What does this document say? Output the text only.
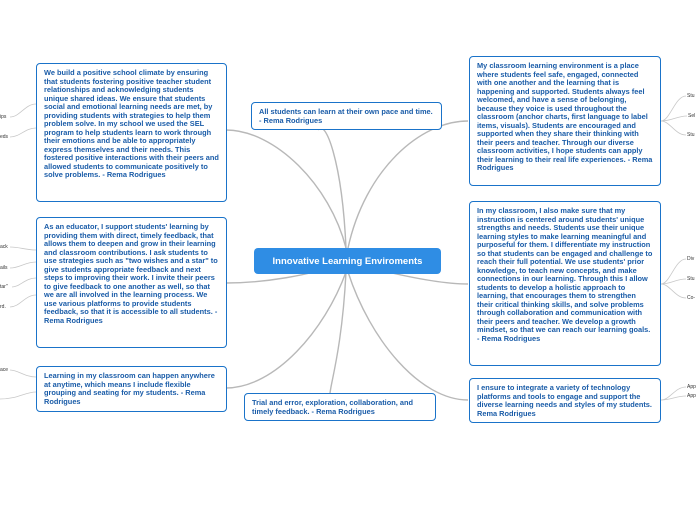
Innovative Learning Enviroments
We build a positive school climate by ensuring that students fostering positive teacher student relationships and acknowledging students unique shared ideas. We ensure that students social and emotional learning needs are met, by providing students with strategies to help them problem solve. In my school we used the SEL program to help students learn to work through their emotions and be able to appropriately express themselves and their needs. This fostered positive interactions with their peers and allowed students to communicate positively to solve problems. - Rema Rodrigues
All students can learn at their own pace and time. - Rema Rodrigues
My classroom learning environment is a place where students feel safe, engaged, connected with one another and the learning that is happening and supported. Students always feel welcomed, and have a sense of belonging, because they voice is used throughout the classroom (anchor charts, first language to label items, visuals). Students are encouraged and supported when they share their thinking with their peers and teacher. Through our diverse classroom activities, I hope students can apply their learning to their real life experiences. - Rema Rodrigues
As an educator, I support students' learning by providing them with direct, timely feedback, that allows them to deepen and grow in their learning and classroom contributions. I ask students to use strategies such as "two wishes and a star" to give students appropriate feedback and next steps to improving their work. I invite their peers to give feedback to one another as well, so that we are all involved in the learning process. We use various platforms to provide students feedback, so that it is accessible to all students. - Rema Rodrigues
In my classroom, I also make sure that my instruction is centered around students' unique strengths and needs. Students use their unique learning styles to make learning meaningful and purposeful for them. I differentiate my instruction so that students can be engaged and challenge to reach their full potential. We use students' prior knowledge, to teach new concepts, and make connections in our learning. Through this I allow students to develop a holistic approach to learning, that encourages them to strengthen their critical thinking skills, and solve problems through collaboration and communication with their peers and teacher. We develop a growth mindset, so that we can reach our learning goals. - Rema Rodrigues
Learning in my classroom can happen anywhere at anytime, which means I include flexible grouping and seating for my students. - Rema Rodrigues	Trial and error, exploration, collaboration, and timely feedback. - Rema Rodrigues
I ensure to integrate a variety of technology platforms and tools to engage and support the diverse learning needs and styles of my students. Rema Rodrigues
ips
eds
ack
ails
tar"
rd.
ace
Stu
Sel
Stu
Div
Stu
Co-
App
App
